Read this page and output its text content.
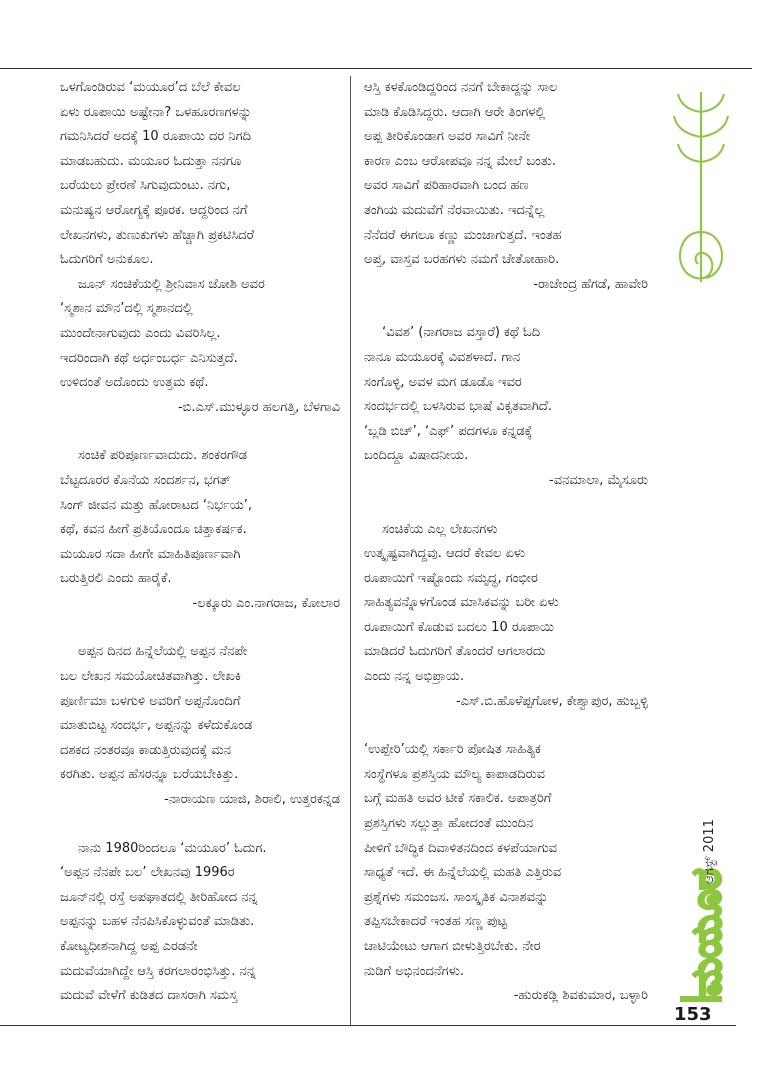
ಒಳಗೊಂಡಿರುವ ‘ಮಯೂರ’ದ ಬೆಲೆ ಕೇವಲ
ಏಳು ರೂಪಾಯಿ ಅಷ್ಟೇನಾ? ಒಳಹೂರಣಗಳನ್ನು
ಗಮನಿಸಿದರೆ ಅದಕ್ಕೆ 10 ರೂಪಾಯಿ ದರ ನಿಗದಿ
ಮಾಡಬಹುದು. ಮಯೂರ ಓದುತ್ತಾ ನನಗೂ
ಬರೆಯಲು ಪ್ರೇರಣೆ ಸಿಗುವುದುಂಟು. ನಗು,
ಮನುಷ್ಯನ ಆರೋಗ್ಯಕ್ಕೆ ಪೂರಕ. ಆದ್ದರಿಂದ ನಗೆ
ಲೇಖನಗಳು, ತುಣುಕುಗಳು ಹೆಚ್ಚಾಗಿ ಪ್ರಕಟಿಸಿದರೆ
ಓದುಗರಿಗೆ ಅನುಕೂಲ.

ಜೂನ್ ಸಂಚಿಕೆಯಲ್ಲಿ ಶ್ರೀನಿವಾಸ ಜೋಶಿ ಅವರ
‘ಸ್ಮಶಾನ ಮೌನ’ದಲ್ಲಿ ಸ್ಮಶಾನದಲ್ಲಿ
ಮುಂದೇನಾಗುವುದು ಎಂದು ವಿವರಿಸಿಲ್ಲ.
ಇದರಿಂದಾಗಿ ಕಥೆ ಅರ್ಧಂಬರ್ಧ ಎನಿಸುತ್ತದೆ.
ಉಳಿದಂತೆ ಅದೊಂದು ಉತ್ತಮ ಕಥೆ.
-ಬಿ.ಎಸ್.ಮುಳ್ಳೂರ ಹಲಗತ್ತಿ, ಬೆಳಗಾವಿ

ಸಂಚಿಕೆ ಪರಿಪೂರ್ಣವಾದುದು. ಶಂಕರಗೌಡ
ಬೆಟ್ಟದೂರರ ಕೊನೆಯ ಸಂದರ್ಶನ, ಭಗತ್
ಸಿಂಗ್ ಜೀವನ ಮತ್ತು ಹೋರಾಟದ ‘ನಿರ್ಭಯ’,
ಕಥೆ, ಕವನ ಹೀಗೆ ಪ್ರತಿಯೊಂದೂ ಚಿತ್ತಾಕರ್ಷಕ.
ಮಯೂರ ಸದಾ ಹೀಗೇ ಮಾಹಿತಿಪೂರ್ಣವಾಗಿ
ಬರುತ್ತಿರಲಿ ಎಂದು ಹಾರೈಕೆ.
-ಲಕ್ಕೂರು ಎಂ.ನಾಗರಾಜ, ಕೋಲಾರ

ಅಪ್ಪನ ದಿನದ ಹಿನ್ನೆಲೆಯಲ್ಲಿ ಅಪ್ಪನ ನೆನಪೇ
ಬಲ ಲೇಖನ ಸಮಯೋಚಿತವಾಗಿತ್ತು. ಲೇಖಕಿ
ಪೂರ್ಣಿಮಾ ಬಳಗುಳಿ ಅವರಿಗೆ ಅಪ್ಪನೊಂದಿಗೆ
ಮಾತುಬಿಟ್ಟ ಸಂದರ್ಭ, ಅಪ್ಪನನ್ನು ಕಳೆದುಕೊಂಡ
ದಶಕದ ನಂತರವೂ ಕಾಡುತ್ತಿರುವುದಕ್ಕೆ ಮನ
ಕರಗಿತು. ಅಪ್ಪನ ಹೆಸರನ್ನೂ ಬರೆಯಬೇಕಿತ್ತು.
-ನಾರಾಯಣ ಯಾಜಿ, ಶಿರಾಲಿ, ಉತ್ತರಕನ್ನಡ

ನಾನು 1980ರಿಂದಲೂ ‘ಮಯೂರ’ ಓದುಗ.
‘ಅಪ್ಪನ ನೆನಪೇ ಬಲ’ ಲೇಖನವು 1996ರ
ಜೂನ್‌ನಲ್ಲಿ ರಸ್ತೆ ಅಪಘಾತದಲ್ಲಿ ತೀರಿಹೋದ ನನ್ನ
ಅಪ್ಪನನ್ನು ಬಹಳ ನೆನಪಿಸಿಕೊಳ್ಳುವಂತೆ ಮಾಡಿತು.
ಕೋಟ್ಯಧೀಶನಾಗಿದ್ದ ಅಪ್ಪ ಎರಡನೇ
ಮದುವೆಯಾಗಿದ್ದೇ ಆಸ್ತಿ ಕರಗಲಾರಂಭಿಸಿತ್ತು. ನನ್ನ
ಮದುವೆ ವೇಳೆಗೆ ಕುಡಿತದ ದಾಸರಾಗಿ ಸಮಸ್ತ

ಆಸ್ತಿ ಕಳಕೊಂಡಿದ್ದರಿಂದ ನನಗೆ ಬೇಕಾದ್ದನ್ನು ಸಾಲ
ಮಾಡಿ ಕೊಡಿಸಿದ್ದರು. ಆದಾಗಿ ಆರೇ ತಿಂಗಳಲ್ಲಿ
ಅಪ್ಪ ತೀರಿಕೊಂಡಾಗ ಅವರ ಸಾವಿಗೆ ನೀನೇ
ಕಾರಣ ಎಂಬ ಆರೋಪವೂ ನನ್ನ ಮೇಲೆ ಬಂತು.
ಅವರ ಸಾವಿಗೆ ಪರಿಹಾರವಾಗಿ ಬಂದ ಹಣ
ತಂಗಿಯ ಮದುವೆಗೆ ನೆರವಾಯಿತು. ಇದನ್ನೆಲ್ಲ
ನೆನೆದರೆ ಈಗಲೂ ಕಣ್ಣು ಮಂಜಾಗುತ್ತದೆ. ಇಂತಹ
ಅಪ್ತ, ವಾಸ್ತವ ಬರಹಗಳು ನಮಗೆ ಚೇತೋಹಾರಿ.
-ರಾಜೇಂದ್ರ ಹೆಗಡೆ, ಹಾವೇರಿ

‘ವಿವಶ’ (ನಾಗರಾಜ ವಸ್ತಾರೆ) ಕಥೆ ಓದಿ
ನಾನೂ ಮಯೂರಕ್ಕೆ ವಿವಶಳಾದೆ. ಗಾನ
ಸಂಗೊಳ್ಳಿ, ಅವಳ ಮಗ ಡೂಡೊ ಇವರ
ಸಂದರ್ಭದಲ್ಲಿ ಬಳಸಿರುವ ಭಾಷೆ ವಿಕೃತವಾಗಿದೆ.
‘ಬ್ಲಡಿ ಬಿಚ್’, ‘ಎಫ್’ ಪದಗಳೂ ಕನ್ನಡಕ್ಕೆ
ಬಂದಿದ್ದೂ ವಿಷಾದನೀಯ.
-ವನಮಾಲಾ, ಮೈಸೂರು

ಸಂಚಿಕೆಯ ಎಲ್ಲ ಲೇಖನಗಳು
ಉತ್ಕೃಷ್ಟವಾಗಿದ್ದವು. ಆದರೆ ಕೇವಲ ಏಳು
ರೂಪಾಯಿಗೆ ಇಷ್ಟೊಂದು ಸಮೃದ್ಧ, ಗಂಭೀರ
ಸಾಹಿತ್ಯವನ್ನೊಳಗೊಂಡ ಮಾಸಿಕವನ್ನು ಬರೀ ಏಳು
ರೂಪಾಯಿಗೆ ಕೊಡುವ ಬದಲು 10 ರೂಪಾಯಿ
ಮಾಡಿದರೆ ಓದುಗರಿಗೆ ತೊಂದರೆ ಆಗಲಾರದು
ಎಂದು ನನ್ನ ಅಭಿಪ್ರಾಯ.
-ಎಸ್.ಬಿ.ಹೊಳೆಪ್ಪಗೋಳ, ಕೇಶ್ವಾಪುರ, ಹುಬ್ಬಳ್ಳಿ

‘ಉಪ್ಪೇರಿ’ಯಲ್ಲಿ ಸರ್ಕಾರಿ ಪೋಷಿತ ಸಾಹಿತ್ಯಿಕ
ಸಂಸ್ಥೆಗಳೂ ಪ್ರಶಸ್ತಿಯ ಮೌಲ್ಯ ಕಾಪಾಡದಿರುವ
ಬಗ್ಗೆ ಮಹತಿ ಅವರ ಟೀಕೆ ಸಕಾಲಿಕ. ಅಪಾತ್ರರಿಗೆ
ಪ್ರಶಸ್ತಿಗಳು ಸಲ್ಲುತ್ತಾ ಹೋದಂತೆ ಮುಂದಿನ
ಪೀಳಿಗೆ ಬೌದ್ಧಿಕ ದಿವಾಳಿತನದಿಂದ ಕಳಪೆಯಾಗುವ
ಸಾಧ್ಯತೆ ಇದೆ. ಈ ಹಿನ್ನೆಲೆಯಲ್ಲಿ ಮಹತಿ ಎತ್ತಿರುವ
ಪ್ರಶ್ನೆಗಳು ಸಮಂಜಸ. ಸಾಂಸ್ಕೃತಿಕ ವಿನಾಶವನ್ನು
ತಪ್ಪಿಸಬೇಕಾದರೆ ಇಂತಹ ಸಣ್ಣ ಪುಟ್ಟ
ಚಾಟಿಯೇಟು ಆಗಾಗ ಬೀಳುತ್ತಿರಬೇಕು. ನೇರ
ನುಡಿಗೆ ಅಭಿನಂದನೆಗಳು.
-ಹುರುಕಡ್ಲಿ ಶಿವಕುಮಾರ, ಬಳ್ಳಾರಿ ಮಯೂರ
ಆಗಸ್ಟ್ 2011
153
